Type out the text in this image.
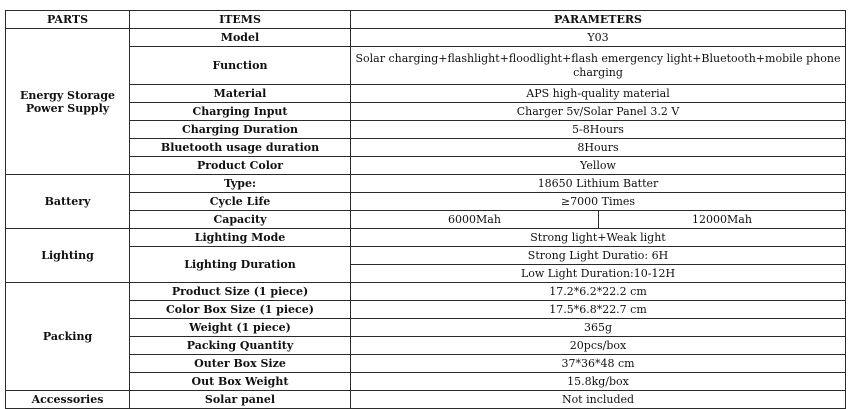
PARTS	ITEMS	PARAMETERS	
Energy Storage Power Supply	Model	Y03	
	Function	Solar charging+flashlight+floodlight+flash emergency light+Bluetooth+mobile phone charging	
	Material	APS high-quality material	
	Charging Input	Charger 5v/Solar Panel 3.2 V	
	Charging Duration	5-8Hours	
	Bluetooth usage duration	8Hours	
	Product Color	Yellow	
Battery	Type:	18650 Lithium Batter	
	Cycle Life	≥7000 Times	
	Capacity	6000Mah	12000Mah
Lighting	Lighting Mode	Strong light+Weak light	
	Lighting Duration	Strong Light Duratio: 6H	
		Low Light Duration:10-12H	
Packing	Product Size (1 piece)	17.2*6.2*22.2 cm	
	Color Box Size (1 piece)	17.5*6.8*22.7 cm	
	Weight (1 piece)	365g	
	Packing Quantity	20pcs/box	
	Outer Box Size	37*36*48 cm	
	Out Box Weight	15.8kg/box	
Accessories	Solar panel	Not included	
